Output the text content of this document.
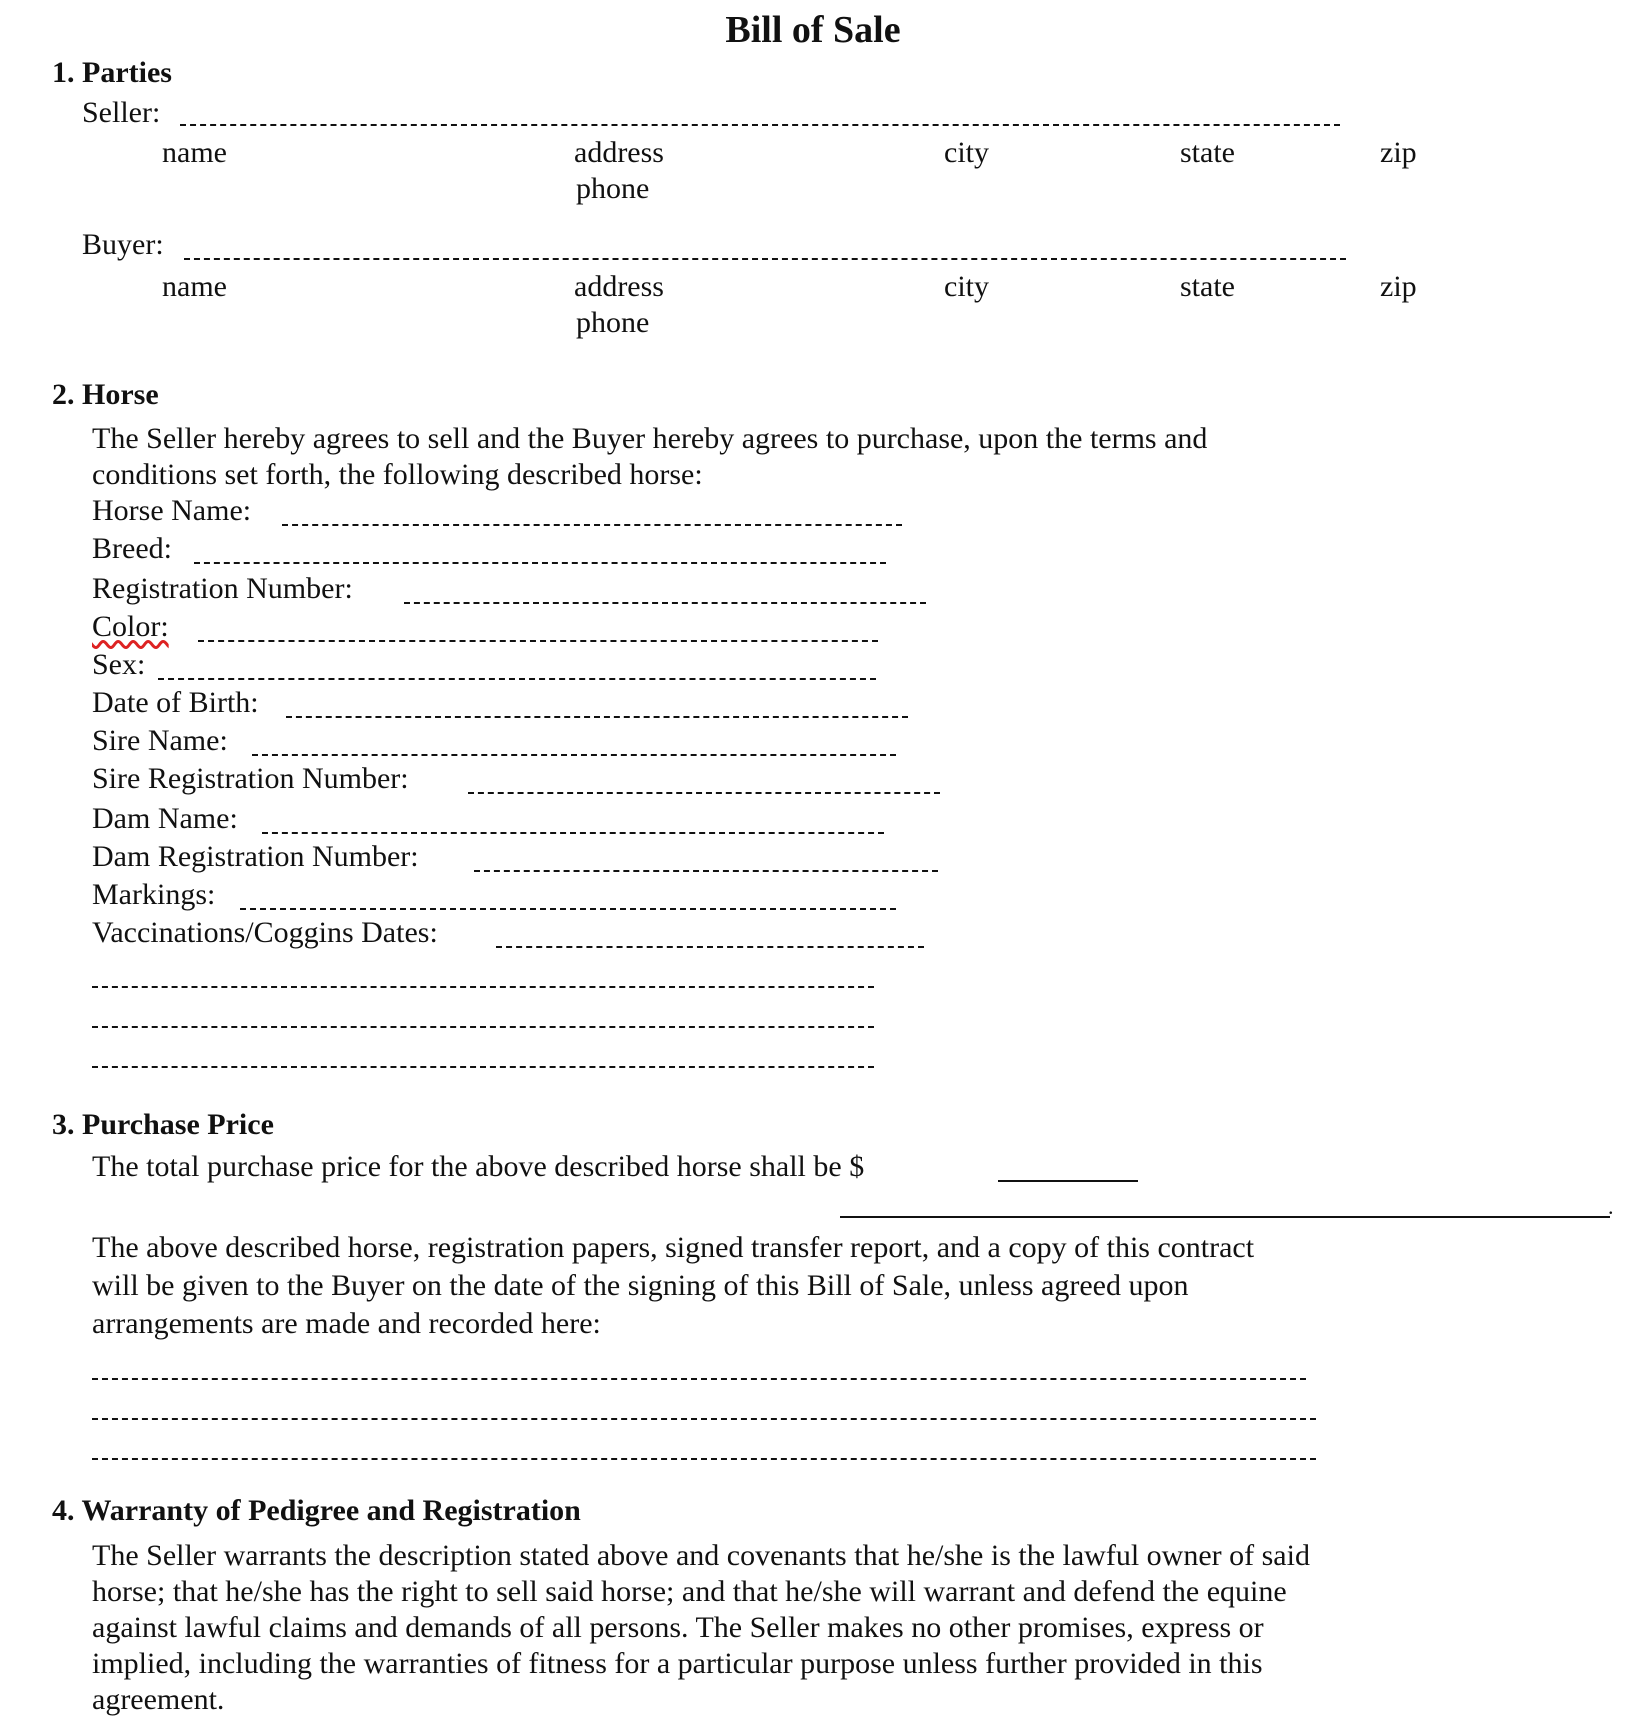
Bill of Sale
1. Parties
Seller:
name	address	city	state	zip
phone
Buyer:
name	address	city	state	zip
phone
2. Horse
The Seller hereby agrees to sell and the Buyer hereby agrees to purchase, upon the terms and
conditions set forth, the following described horse:
Horse Name:
Breed:
Registration Number:
Color:
Sex:
Date of Birth:
Sire Name:
Sire Registration Number:
Dam Name:
Dam Registration Number:
Markings:
Vaccinations/Coggins Dates:
3. Purchase Price
The total purchase price for the above described horse shall be $
.
The above described horse, registration papers, signed transfer report, and a copy of this contract
will be given to the Buyer on the date of the signing of this Bill of Sale, unless agreed upon
arrangements are made and recorded here:
4. Warranty of Pedigree and Registration
The Seller warrants the description stated above and covenants that he/she is the lawful owner of said
horse; that he/she has the right to sell said horse; and that he/she will warrant and defend the equine
against lawful claims and demands of all persons. The Seller makes no other promises, express or
implied, including the warranties of fitness for a particular purpose unless further provided in this
agreement.
